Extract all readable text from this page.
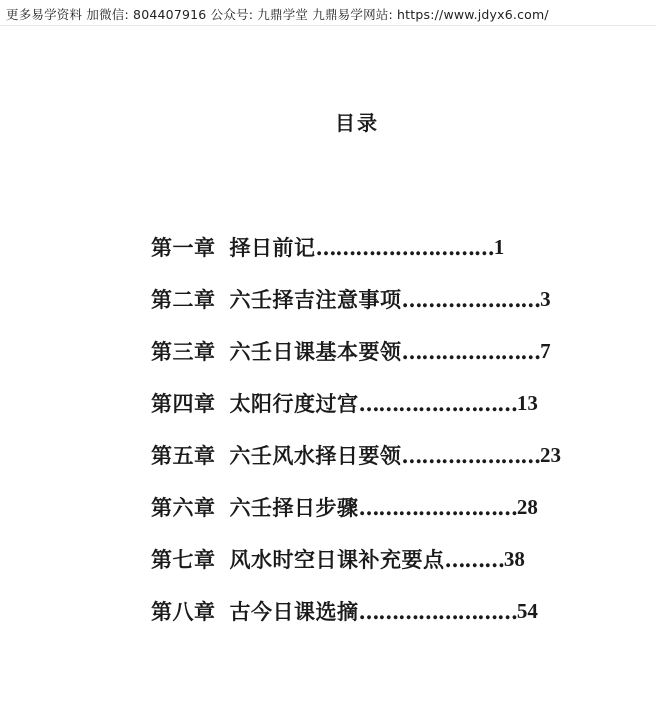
更多易学资料 加微信: 804407916 公众号: 九鼎学堂 九鼎易学网站: https://www.jdyx6.com/
目录
第一章 择日前记 ……………………… 1
第二章 六壬择吉注意事项 ………………… 3
第三章 六壬日课基本要领 ………………… 7
第四章 太阳行度过宫 …………………… 13
第五章 六壬风水择日要领 ………………… 23
第六章 六壬择日步骤 …………………… 28
第七章 风水时空日课补充要点 ……… 38
第八章 古今日课选摘 …………………… 54
